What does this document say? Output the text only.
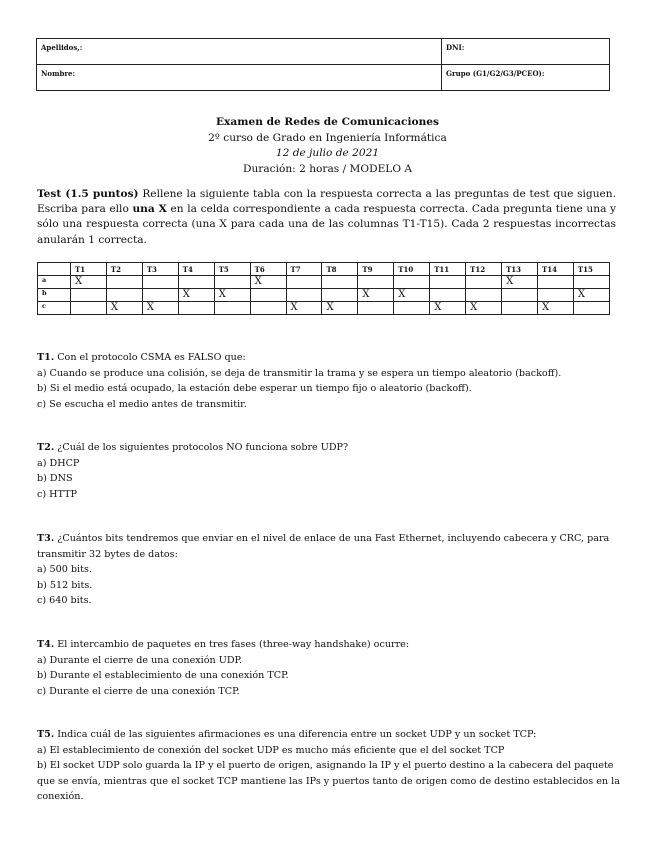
Apellidos,:	DNI:
Nombre:	Grupo (G1/G2/G3/PCEO):
Examen de Redes de Comunicaciones
2º curso de Grado en Ingeniería Informática
12 de julio de 2021
Duración: 2 horas / MODELO A
Test (1.5 puntos) Rellene la siguiente tabla con la respuesta correcta a las preguntas de test que siguen. Escriba para ello una X en la celda correspondiente a cada respuesta correcta. Cada pregunta tiene una y sólo una respuesta correcta (una X para cada una de las columnas T1-T15). Cada 2 respuestas incorrectas anularán 1 correcta.
	T1	T2	T3	T4	T5	T6	T7	T8	T9	T10	T11	T12	T13	T14	T15
a	X					X							X		
b				X	X				X	X					X
c		X	X				X	X			X	X		X	

T1. Con el protocolo CSMA es FALSO que:

a) Cuando se produce una colisión, se deja de transmitir la trama y se espera un tiempo aleatorio (backoff).

b) Si el medio está ocupado, la estación debe esperar un tiempo fijo o aleatorio (backoff).

c) Se escucha el medio antes de transmitir.

T2. ¿Cuál de los siguientes protocolos NO funciona sobre UDP?

a) DHCP

b) DNS

c) HTTP

T3. ¿Cuántos bits tendremos que enviar en el nivel de enlace de una Fast Ethernet, incluyendo cabecera y CRC, para transmitir 32 bytes de datos:

a) 500 bits.

b) 512 bits.

c) 640 bits.

T4. El intercambio de paquetes en tres fases (three-way handshake) ocurre:

a) Durante el cierre de una conexión UDP.

b) Durante el establecimiento de una conexión TCP.

c) Durante el cierre de una conexión TCP.

T5. Indica cuál de las siguientes afirmaciones es una diferencia entre un socket UDP y un socket TCP:

a) El establecimiento de conexión del socket UDP es mucho más eficiente que el del socket TCP

b) El socket UDP solo guarda la IP y el puerto de origen, asignando la IP y el puerto destino a la cabecera del paquete que se envía, mientras que el socket TCP mantiene las IPs y puertos tanto de origen como de destino establecidos en la conexión.
